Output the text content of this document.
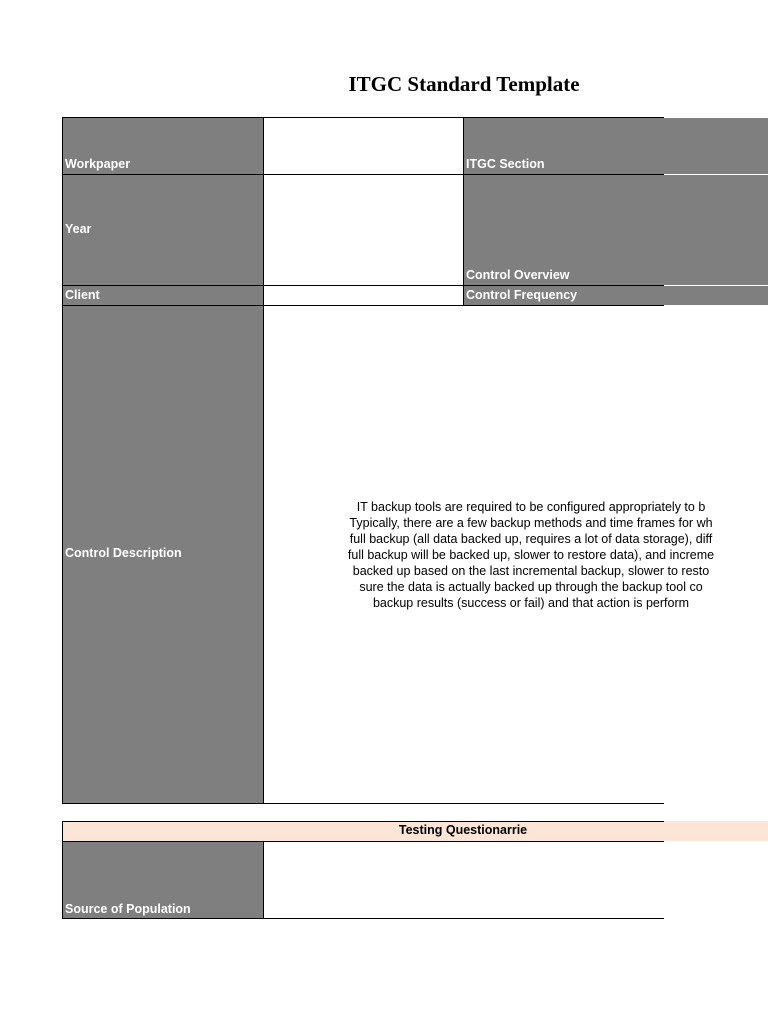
ITGC Standard Template
Workpaper	ITGC Section
Year
Control Overview
Client	Control Frequency
Control Description
IT backup tools are required to be configured appropriately to b
Typically, there are a few backup methods and time frames for wh
full backup (all data backed up, requires a lot of data storage), diff
full backup will be backed up, slower to restore data), and increme
backed up based on the last incremental backup, slower to resto
sure the data is actually backed up through the backup tool co
backup results (success or fail) and that action is perform
Testing Questionarrie
Source of Population
